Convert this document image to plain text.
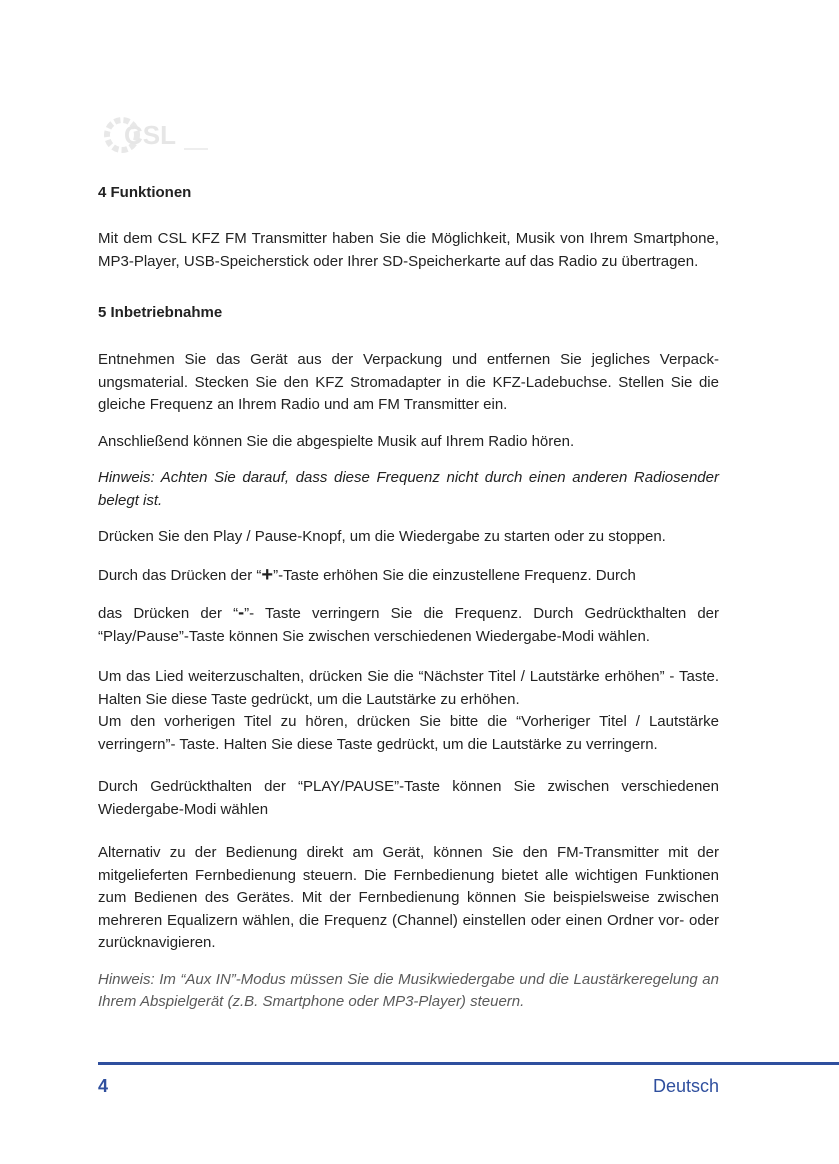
CSL

4 Funktionen

Mit dem CSL KFZ FM Transmitter haben Sie die Möglichkeit, Musik von Ihrem Smartphone, MP3-Player, USB-Speicherstick oder Ihrer SD-Speicherkarte auf das Radio zu übertragen.

5 Inbetriebnahme

Entnehmen Sie das Gerät aus der Verpackung und entfernen Sie jegliches Verpackungsmaterial. Stecken Sie den KFZ Stromadapter in die KFZ-Ladebuchse. Stellen Sie die gleiche Frequenz an Ihrem Radio und am FM Transmitter ein.

Anschließend können Sie die abgespielte Musik auf Ihrem Radio hören.

Hinweis: Achten Sie darauf, dass diese Frequenz nicht durch einen anderen Radiosender belegt ist.

Drücken Sie den Play / Pause-Knopf, um die Wiedergabe zu starten oder zu stoppen.

Durch das Drücken der “+”-Taste erhöhen Sie die einzustellene Frequenz. Durch

das Drücken der “-”- Taste verringern Sie die Frequenz. Durch Gedrückthalten der “Play/Pause”-Taste können Sie zwischen verschiedenen Wiedergabe-Modi wählen.

Um das Lied weiterzuschalten, drücken Sie die “Nächster Titel / Lautstärke erhöhen” - Taste. Halten Sie diese Taste gedrückt, um die Lautstärke zu erhöhen.

Um den vorherigen Titel zu hören, drücken Sie bitte die “Vorheriger Titel / Lautstärke verringern”- Taste. Halten Sie diese Taste gedrückt, um die Lautstärke zu verringern.

Durch Gedrückthalten der “PLAY/PAUSE”-Taste können Sie zwischen verschiedenen Wiedergabe-Modi wählen

Alternativ zu der Bedienung direkt am Gerät, können Sie den FM-Transmitter mit der mitgelieferten Fernbedienung steuern. Die Fernbedienung bietet alle wichtigen Funktionen zum Bedienen des Gerätes. Mit der Fernbedienung können Sie beispielsweise zwischen mehreren Equalizern wählen, die Frequenz (Channel) einstellen oder einen Ordner vor- oder zurücknavigieren.

Hinweis: Im “Aux IN”-Modus müssen Sie die Musikwiedergabe und die Laustärkeregelung an Ihrem Abspielgerät (z.B. Smartphone oder MP3-Player) steuern.

4	Deutsch
